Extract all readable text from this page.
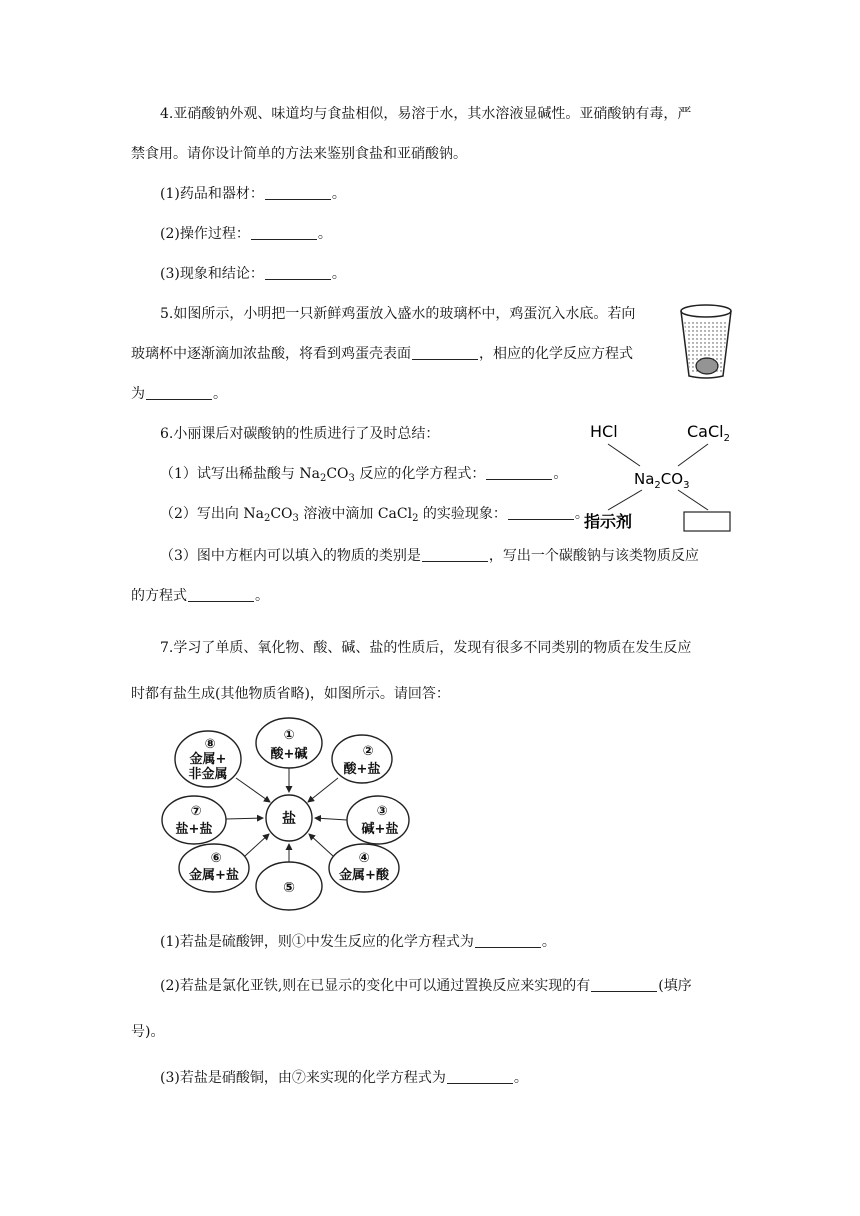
4.亚硝酸钠外观、味道均与食盐相似，易溶于水，其水溶液显碱性。亚硝酸钠有毒，严
禁食用。请你设计简单的方法来鉴别食盐和亚硝酸钠。
(1)药品和器材：	。
(2)操作过程：	。
(3)现象和结论：	。
5.如图所示，小明把一只新鲜鸡蛋放入盛水的玻璃杯中，鸡蛋沉入水底。若向
玻璃杯中逐渐滴加浓盐酸，将看到鸡蛋壳表面	，相应的化学反应方程式
为	。
6.小丽课后对碳酸钠的性质进行了及时总结：
（1）试写出稀盐酸与 $Na_2CO_3$ 反应的化学方程式：	。
（2）写出向 $Na_2CO_3$ 溶液中滴加 CaCl$_2$ 的实验现象：	。
（3）图中方框内可以填入的物质的类别是	，写出一个碳酸钠与该类物质反应
的方程式	。
HCl	CaCl$_2$
$Na_2CO_3$
指示剂
7.学习了单质、氧化物、酸、碱、盐的性质后，发现有很多不同类别的物质在发生反应
时都有盐生成(其他物质省略)，如图所示。请回答：
盐
①
酸+碱	②
酸+盐
③
碱+盐
④
金属+酸
⑤
⑥
金属+盐
⑦
盐+盐
⑧
金属+
非金属
(1)若盐是硫酸钾，则①中发生反应的化学方程式为	。
(2)若盐是氯化亚铁,则在已显示的变化中可以通过置换反应来实现的有	(填序
号)。
(3)若盐是硝酸铜，由⑦来实现的化学方程式为	。
